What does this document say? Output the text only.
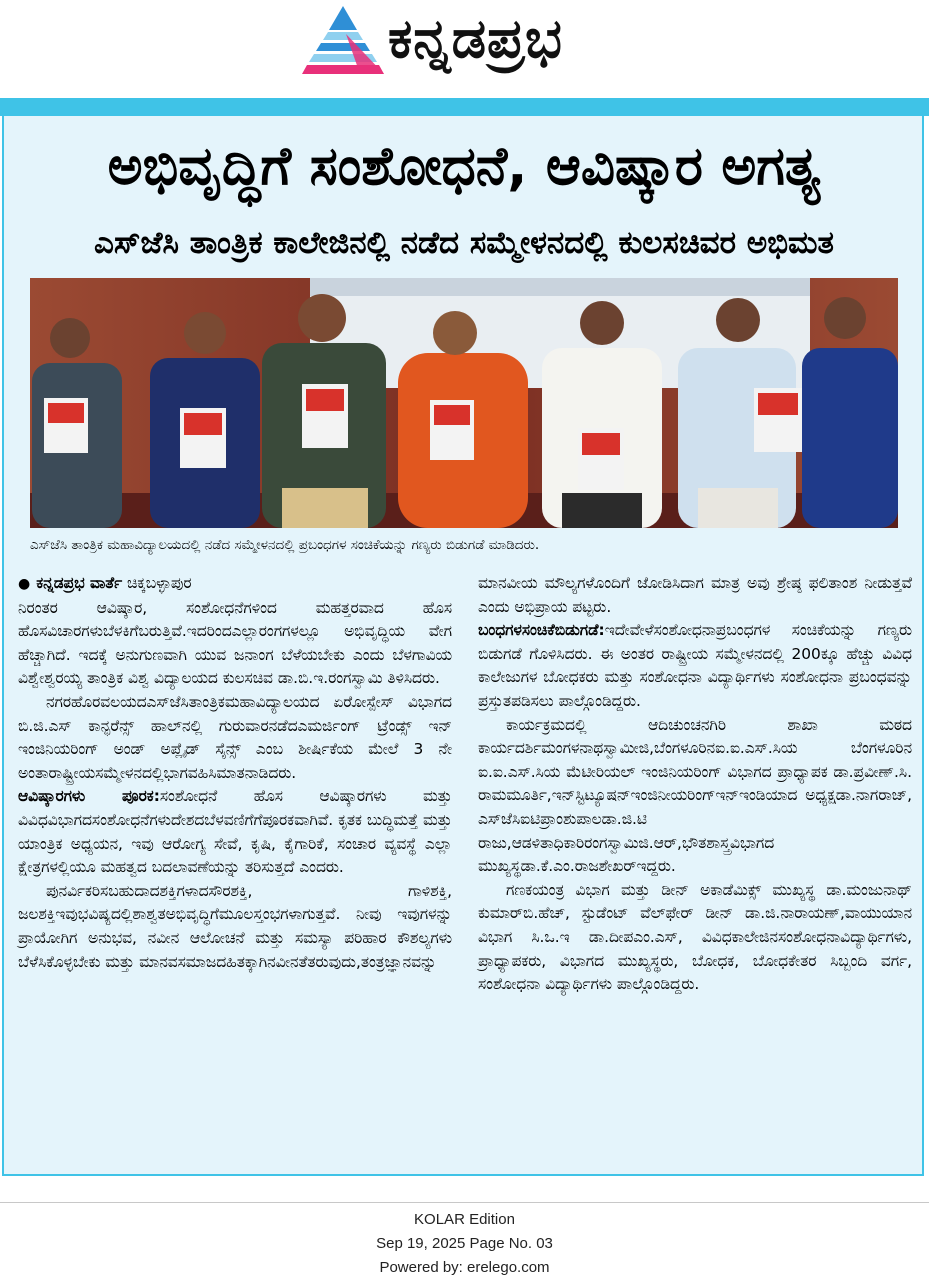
ಕನ್ನಡಪ್ರಭ
ಅಭಿವೃದ್ಧಿಗೆ ಸಂಶೋಧನೆ, ಆವಿಷ್ಕಾರ ಅಗತ್ಯ
ಎಸ್‌ಜೆಸಿ ತಾಂತ್ರಿಕ ಕಾಲೇಜಿನಲ್ಲಿ ನಡೆದ ಸಮ್ಮೇಳನದಲ್ಲಿ ಕುಲಸಚಿವರ ಅಭಿಮತ
ಎಸ್‌ಜೆಸಿ ತಾಂತ್ರಿಕ ಮಹಾವಿದ್ಯಾಲಯದಲ್ಲಿ ನಡೆದ ಸಮ್ಮೇಳನದಲ್ಲಿ ಪ್ರಬಂಧಗಳ ಸಂಚಿಕೆಯನ್ನು ಗಣ್ಯರು ಬಿಡುಗಡೆ ಮಾಡಿದರು.
● ಕನ್ನಡಪ್ರಭ ವಾರ್ತೆ ಚಿಕ್ಕಬಳ್ಳಾಪುರ

ನಿರಂತರ ಆವಿಷ್ಕಾರ, ಸಂಶೋಧನೆಗಳಿಂದ ಮಹತ್ತರವಾದ ಹೊಸ ಹೊಸವಿಚಾರಗಳುಬೆಳಕಿಗೆಬರುತ್ತಿವೆ.ಇದರಿಂದಎಲ್ಲಾರಂಗಗಳಲ್ಲೂ ಅಭಿವೃದ್ಧಿಯ ವೇಗ ಹೆಚ್ಚಾಗಿದೆ. ಇದಕ್ಕೆ ಅನುಗುಣವಾಗಿ ಯುವ ಜನಾಂಗ ಬೆಳೆಯಬೇಕು ಎಂದು ಬೆಳಗಾವಿಯ ವಿಶ್ವೇಶ್ವರಯ್ಯ ತಾಂತ್ರಿಕ ವಿಶ್ವ ವಿದ್ಯಾಲಯದ ಕುಲಸಚಿವ ಡಾ.ಬಿ.ಇ.ರಂಗಸ್ವಾಮಿ ತಿಳಿಸಿದರು.

ನಗರಹೊರವಲಯದಎಸ್‌ಜೆಸಿತಾಂತ್ರಿಕಮಹಾವಿದ್ಯಾಲಯದ ಏರೋಸ್ಪೇಸ್ ವಿಭಾಗದ ಬಿ.ಜಿ.ಎಸ್ ಕಾನ್ಫರೆನ್ಸ್ ಹಾಲ್‌ನಲ್ಲಿ ಗುರುವಾರನಡೆದಎಮರ್ಜಿಂಗ್ ಟ್ರೆಂಡ್ಸ್ ಇನ್ ಇಂಜಿನಿಯರಿಂಗ್ ಅಂಡ್ ಅಪ್ಲೈಡ್ ಸೈನ್ಸ್ ಎಂಬ ಶೀರ್ಷಿಕೆಯ ಮೇಲೆ 3 ನೇ ಅಂತಾರಾಷ್ಟ್ರೀಯಸಮ್ಮೇಳನದಲ್ಲಿಭಾಗವಹಿಸಿಮಾತನಾಡಿದರು.

ಆವಿಷ್ಕಾರಗಳು ಪೂರಕ:ಸಂಶೋಧನೆ ಹೊಸ ಆವಿಷ್ಕಾರಗಳು ಮತ್ತು ವಿವಿಧವಿಭಾಗದಸಂಶೋಧನೆಗಳುದೇಶದಬೆಳವಣಿಗೆಗೆಪೂರಕವಾಗಿವೆ. ಕೃತಕ ಬುದ್ಧಿಮತ್ತೆ ಮತ್ತು ಯಾಂತ್ರಿಕ ಅಧ್ಯಯನ, ಇವು ಆರೋಗ್ಯ ಸೇವೆ, ಕೃಷಿ, ಕೈಗಾರಿಕೆ, ಸಂಚಾರ ವ್ಯವಸ್ಥೆ ಎಲ್ಲಾ ಕ್ಷೇತ್ರಗಳಲ್ಲಿಯೂ ಮಹತ್ವದ ಬದಲಾವಣೆಯನ್ನು ತರಿಸುತ್ತದೆ ಎಂದರು.

ಪುನರ್ವಿಕರಿಸಬಹುದಾದಶಕ್ತಿಗಳಾದಸೌರಶಕ್ತಿ, ಗಾಳಿಶಕ್ತಿ, ಜಲಶಕ್ತಿಇವುಭವಿಷ್ಯದಲ್ಲಿಶಾಶ್ವತಅಭಿವೃದ್ಧಿಗೆಮೂಲಸ್ತಂಭಗಳಾಗುತ್ತವೆ. ನೀವು ಇವುಗಳನ್ನು ಪ್ರಾಯೋಗಿಗ ಅನುಭವ, ನವೀನ ಆಲೋಚನೆ ಮತ್ತು ಸಮಸ್ಯಾ ಪರಿಹಾರ ಕೌಶಲ್ಯಗಳು ಬೆಳೆಸಿಕೊಳ್ಳಬೇಕು ಮತ್ತು ಮಾನವಸಮಾಜದಹಿತಕ್ಕಾಗಿನವೀನತೆತರುವುದು,ತಂತ್ರಜ್ಞಾನವನ್ನು

ಮಾನವೀಯ ಮೌಲ್ಯಗಳೊಂದಿಗೆ ಜೋಡಿಸಿದಾಗ ಮಾತ್ರ ಅವು ಶ್ರೇಷ್ಠ ಫಲಿತಾಂಶ ನೀಡುತ್ತವೆ ಎಂದು ಅಭಿಪ್ರಾಯ ಪಟ್ಟರು.

ಬಂಧಗಳಸಂಚಿಕೆಬಿಡುಗಡೆ:ಇದೇವೇಳೆಸಂಶೋಧನಾಪ್ರಬಂಧಗಳ ಸಂಚಿಕೆಯನ್ನು ಗಣ್ಯರು ಬಿಡುಗಡೆ ಗೊಳಿಸಿದರು. ಈ ಅಂತರ ರಾಷ್ಟ್ರೀಯ ಸಮ್ಮೇಳನದಲ್ಲಿ 200ಕ್ಕೂ ಹೆಚ್ಚು ವಿವಿಧ ಕಾಲೇಜುಗಳ ಬೋಧಕರು ಮತ್ತು ಸಂಶೋಧನಾ ವಿದ್ಯಾರ್ಥಿಗಳು ಸಂಶೋಧನಾ ಪ್ರಬಂಧವನ್ನು ಪ್ರಸ್ತುತಪಡಿಸಲು ಪಾಲ್ಗೊಂಡಿದ್ದರು.

ಕಾರ್ಯಕ್ರಮದಲ್ಲಿ ಆದಿಚುಂಚನಗಿರಿ ಶಾಖಾ ಮಠದ ಕಾರ್ಯದರ್ಶಿಮಂಗಳನಾಥಸ್ವಾಮೀಜಿ,ಬೆಂಗಳೂರಿನಐ.ಐ.ಎಸ್.ಸಿಯ ಬೆಂಗಳೂರಿನ ಐ.ಐ.ಎಸ್.ಸಿಯ ಮೆಟೀರಿಯಲ್ ಇಂಜಿನಿಯರಿಂಗ್ ವಿಭಾಗದ ಪ್ರಾಧ್ಯಾಪಕ ಡಾ.ಪ್ರವೀಣ್.ಸಿ. ರಾಮಮೂರ್ತಿ,ಇನ್‌ಸ್ಟಿಟ್ಯೂಷನ್‌ಇಂಜಿನೀಯರಿಂಗ್‌ಇನ್‌ಇಂಡಿಯಾದ ಅಧ್ಯಕ್ಷಡಾ.ನಾಗರಾಜ್, ಎಸ್‌ಜೆಸಿಐಟಿಪ್ರಾಂಶುಪಾಲಡಾ.ಜಿ.ಟಿ ರಾಜು,ಆಡಳಿತಾಧಿಕಾರಿರಂಗಸ್ವಾಮಿಜಿ.ಆರ್,ಭೌತಶಾಸ್ತ್ರವಿಭಾಗದ ಮುಖ್ಯಸ್ಥಡಾ.ಕೆ.ಎಂ.ರಾಜಶೇಖರ್‌ಇದ್ದರು.

ಗಣಕಯಂತ್ರ ವಿಭಾಗ ಮತ್ತು ಡೀನ್ ಅಕಾಡೆಮಿಕ್ಸ್ ಮುಖ್ಯಸ್ಥ ಡಾ.ಮಂಜುನಾಥ್ ಕುಮಾರ್‌ಬಿ.ಹೆಚ್, ಸ್ಟುಡೆಂಟ್ ವೆಲ್‌ಫೇರ್ ಡೀನ್ ಡಾ.ಜಿ.ನಾರಾಯಣ್,ವಾಯುಯಾನ ವಿಭಾಗ ಸಿ.ಒ.ಇ ಡಾ.ದೀಪಎಂ.ಎಸ್, ವಿವಿಧಕಾಲೇಜಿನಸಂಶೋಧನಾವಿದ್ಯಾರ್ಥಿಗಳು, ಪ್ರಾಧ್ಯಾಪಕರು, ವಿಭಾಗದ ಮುಖ್ಯಸ್ಥರು, ಬೋಧಕ, ಬೋಧಕೇತರ ಸಿಬ್ಬಂದಿ ವರ್ಗ, ಸಂಶೋಧನಾ ವಿದ್ಯಾರ್ಥಿಗಳು ಪಾಲ್ಗೊಂಡಿದ್ದರು.

KOLAR Edition
Sep 19, 2025 Page No. 03
Powered by: erelego.com
